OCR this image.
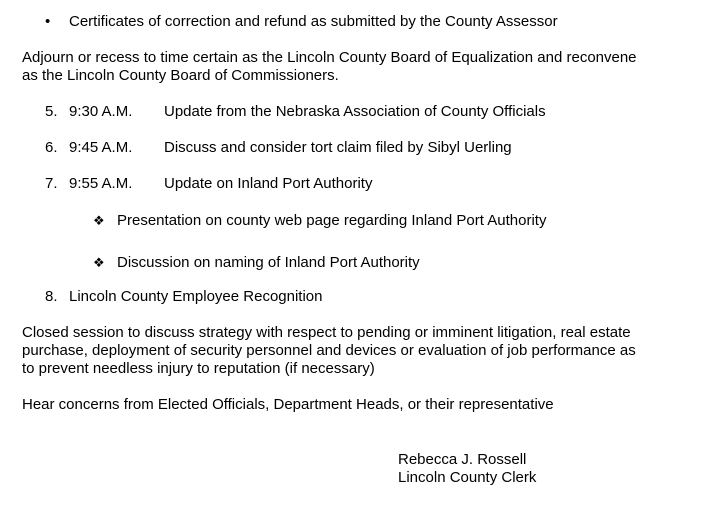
• Certificates of correction and refund as submitted by the County Assessor
Adjourn or recess to time certain as the Lincoln County Board of Equalization and reconvene
as the Lincoln County Board of Commissioners.
5. 9:30 A.M. Update from the Nebraska Association of County Officials
6. 9:45 A.M. Discuss and consider tort claim filed by Sibyl Uerling
7. 9:55 A.M. Update on Inland Port Authority
❖ Presentation on county web page regarding Inland Port Authority
❖ Discussion on naming of Inland Port Authority
8. Lincoln County Employee Recognition
Closed session to discuss strategy with respect to pending or imminent litigation, real estate
purchase, deployment of security personnel and devices or evaluation of job performance as
to prevent needless injury to reputation (if necessary)
Hear concerns from Elected Officials, Department Heads, or their representative
Rebecca J. Rossell
Lincoln County Clerk
